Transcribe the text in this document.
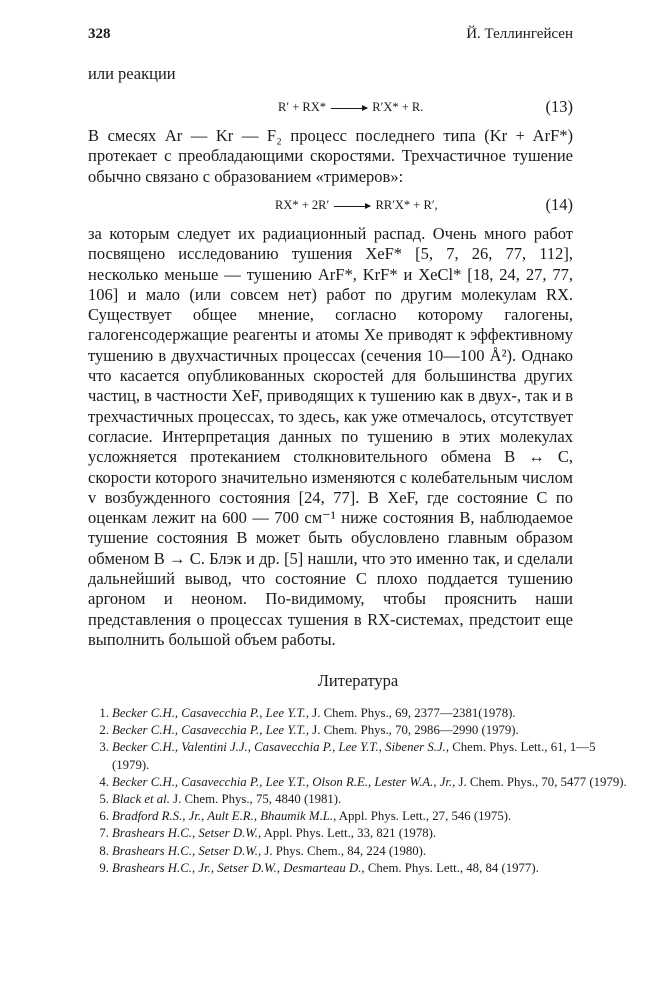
328	Й. Теллингейсен
или реакции
R′ + RX* → R′X* + R.	(13)
В смесях Ar — Kr — F₂ процесс последнего типа (Kr + ArF*) протекает с преобладающими скоростями. Трехчастичное тушение обычно связано с образованием «тримеров»:
RX* + 2R′ → RR′X* + R′,	(14)
за которым следует их радиационный распад. Очень много работ посвящено исследованию тушения XeF* [5, 7, 26, 77, 112], несколько меньше — тушению ArF*, KrF* и XeCl* [18, 24, 27, 77, 106] и мало (или совсем нет) работ по другим молекулам RX. Существует общее мнение, согласно которому галогены, галогенсодержащие реагенты и атомы Xe приводят к эффективному тушению в двухчастичных процессах (сечения 10—100 Å²). Однако что касается опубликованных скоростей для большинства других частиц, в частности XeF, приводящих к тушению как в двух-, так и в трехчастичных процессах, то здесь, как уже отмечалось, отсутствует согласие. Интерпретация данных по тушению в этих молекулах усложняется протеканием столкновительного обмена B ↔ C, скорости которого значительно изменяются с колебательным числом v возбужденного состояния [24, 77]. В XeF, где состояние C по оценкам лежит на 600 — 700 см⁻¹ ниже состояния B, наблюдаемое тушение состояния B может быть обусловлено главным образом обменом B → C. Блэк и др. [5] нашли, что это именно так, и сделали дальнейший вывод, что состояние C плохо поддается тушению аргоном и неоном. По-видимому, чтобы прояснить наши представления о процессах тушения в RX-системах, предстоит еще выполнить большой объем работы.
Литература
1. Becker C.H., Casavecchia P., Lee Y.T., J. Chem. Phys., 69, 2377—2381(1978).
2. Becker C.H., Casavecchia P., Lee Y.T., J. Chem. Phys., 70, 2986—2990 (1979).
3. Becker C.H., Valentini J.J., Casavecchia P., Lee Y.T., Sibener S.J., Chem. Phys. Lett., 61, 1—5 (1979).
4. Becker C.H., Casavecchia P., Lee Y.T., Olson R.E., Lester W.A., Jr., J. Chem. Phys., 70, 5477 (1979).
5. Black et al. J. Chem. Phys., 75, 4840 (1981).
6. Bradford R.S., Jr., Ault E.R., Bhaumik M.L., Appl. Phys. Lett., 27, 546 (1975).
7. Brashears H.C., Setser D.W., Appl. Phys. Lett., 33, 821 (1978).
8. Brashears H.C., Setser D.W., J. Phys. Chem., 84, 224 (1980).
9. Brashears H.C., Jr., Setser D.W., Desmarteau D., Chem. Phys. Lett., 48, 84 (1977).
